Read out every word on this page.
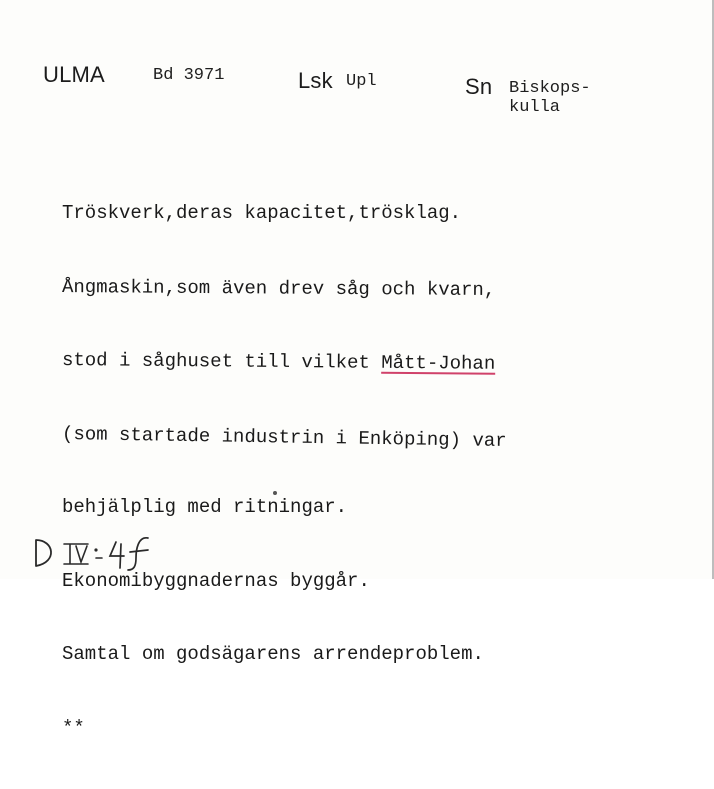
ULMA	Bd 3971	Lsk Upl	Sn Biskops-
kulla

Tröskverk,deras kapacitet,trösklag.

Ångmaskin,som även drev såg och kvarn,

stod i såghuset till vilket Mått-Johan

(som startade industrin i Enköping) var

behjälplig med ritningar.

Ekonomibyggnadernas byggår.

Samtal om godsägarens arrendeproblem.

**
